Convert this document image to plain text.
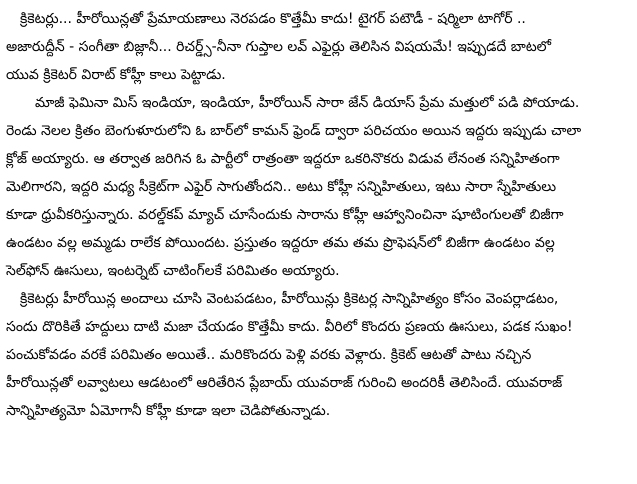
క్రికెటర్లు... హీరోయిన్లతో ప్రేమాయణాలు నెరపడం కొత్తేమీ కాదు! టైగర్ పటౌడీ - షర్మిలా టాగోర్ ..
అజారుద్దీన్ - సంగీతా బిజ్లానీ... రిచర్డ్స్-నీనా గుప్తాల లవ్ ఎఫైర్లు తెలిసిన విషయమే! ఇప్పుడదే బాటలో
యువ క్రికెటర్ విరాట్ కోహ్లీ కాలు పెట్టాడు.
మాజీ ఫెమినా మిస్ ఇండియా, ఇండియా, హీరోయిన్ సారా జేన్ డియాస్ ప్రేమ మత్తులో పడి పోయాడు.
రెండు నెలల క్రితం బెంగుళూరులోని ఓ బార్‌లో కామన్ ఫ్రెండ్ ద్వారా పరిచయం అయిన ఇద్దరు ఇప్పుడు చాలా
క్లోజ్ అయ్యారు. ఆ తర్వాత జరిగిన ఓ పార్టీలో రాత్రంతా ఇద్దరూ ఒకరినొకరు విడువ లేనంత సన్నిహితంగా
మెలిగారని, ఇద్దరి మధ్య సీక్రెట్‌గా ఎఫైర్ సాగుతోందని.. అటు కోహ్లీ సన్నిహితులు, ఇటు సారా స్నేహితులు
కూడా ధ్రువీకరిస్తున్నారు. వరల్డ్‌కప్ మ్యాచ్ చూసేందుకు సారాను కోహ్లీ ఆహ్వానించినా షూటింగులతో బిజీగా
ఉండటం వల్ల అమ్మడు రాలేక పోయిందట. ప్రస్తుతం ఇద్దరూ తమ తమ ప్రొఫెషన్‌లో బిజీగా ఉండటం వల్ల
సెల్‌ఫోన్ ఊసులు, ఇంటర్నెట్ చాటింగ్‌లకే పరిమితం అయ్యారు.
క్రికెటర్లు హీరోయిన్ల అందాలు చూసి వెంటపడటం, హీరోయిన్లు క్రికెటర్ల సాన్నిహిత్యం కోసం వెంపర్లాడటం,
సందు దొరికితే హద్దులు దాటి మజా చేయడం కొత్తేమీ కాదు. వీరిలో కొందరు ప్రణయ ఊసులు, పడక సుఖం!
పంచుకోవడం వరకే పరిమితం అయితే.. మరికొందరు పెళ్లి వరకు వెళ్లారు. క్రికెట్ ఆటతో పాటు నచ్చిన
హీరోయిన్లతో లవ్వాటలు ఆడటంలో ఆరితేరిన ప్లేబాయ్ యువరాజ్ గురించి అందరికీ తెలిసిందే. యువరాజ్
సాన్నిహిత్యమో ఏమోగానీ కోహ్లీ కూడా ఇలా చెడిపోతున్నాడు.
